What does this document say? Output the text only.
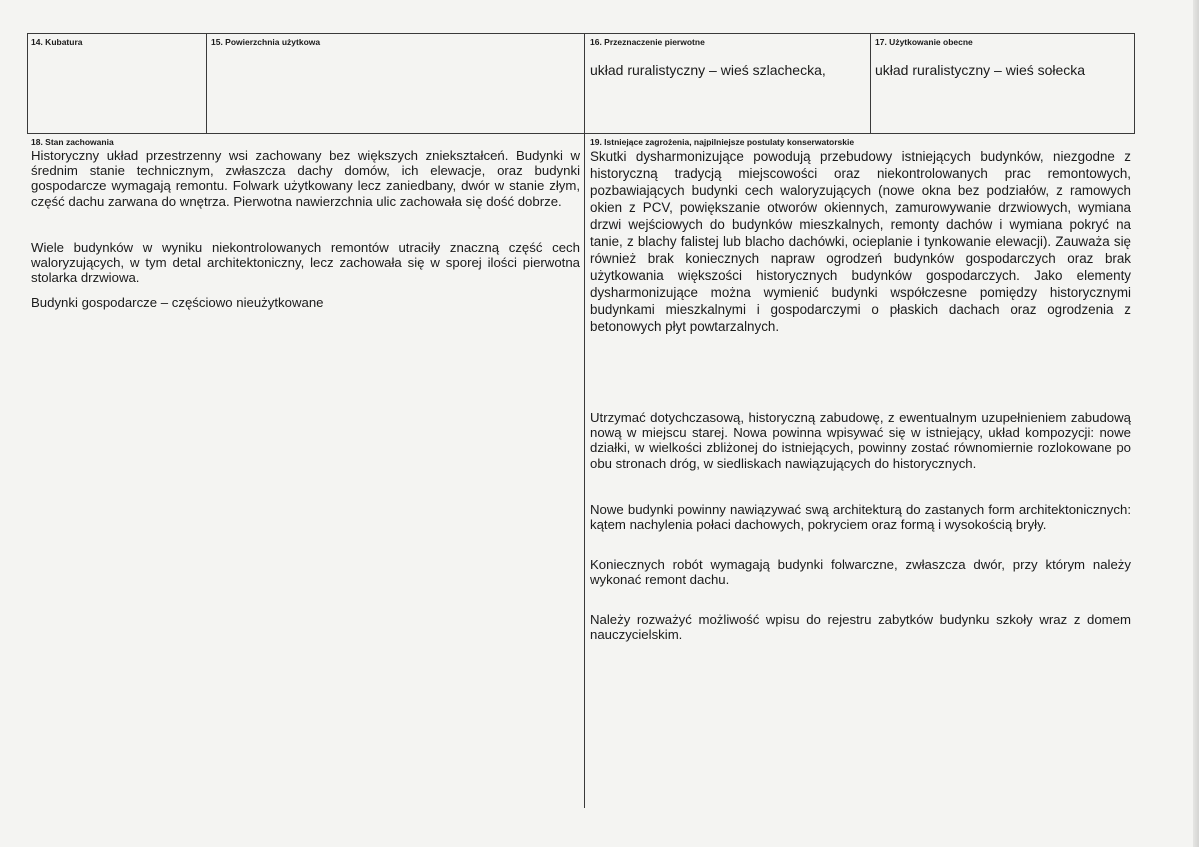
14. Kubatura	15. Powierzchnia użytkowa	16. Przeznaczenie pierwotne
układ ruralistyczny – wieś szlachecka,
17. Użytkowanie obecne
układ ruralistyczny – wieś sołecka
18. Stan zachowania

Historyczny układ przestrzenny wsi zachowany bez większych zniekształceń. Budynki w średnim stanie technicznym, zwłaszcza dachy domów, ich elewacje, oraz budynki gospodarcze wymagają remontu. Folwark użytkowany lecz zaniedbany, dwór w stanie złym, część dachu zarwana do wnętrza. Pierwotna nawierzchnia ulic zachowała się dość dobrze.

Wiele budynków w wyniku niekontrolowanych remontów utraciły znaczną część cech waloryzujących, w tym detal architektoniczny, lecz zachowała się w sporej ilości pierwotna stolarka drzwiowa.

Budynki gospodarcze – częściowo nieużytkowane

19. Istniejące zagrożenia, najpilniejsze postulaty konserwatorskie

Skutki dysharmonizujące powodują przebudowy istniejących budynków, niezgodne z historyczną tradycją miejscowości oraz niekontrolowanych prac remontowych, pozbawiających budynki cech waloryzujących (nowe okna bez podziałów, z ramowych okien z PCV, powiększanie otworów okiennych, zamurowywanie drzwiowych, wymiana drzwi wejściowych do budynków mieszkalnych, remonty dachów i wymiana pokryć na tanie, z blachy falistej lub blacho dachówki, ocieplanie i tynkowanie elewacji). Zauważa się również brak koniecznych napraw ogrodzeń budynków gospodarczych oraz brak użytkowania większości historycznych budynków gospodarczych. Jako elementy dysharmonizujące można wymienić budynki współczesne pomiędzy historycznymi budynkami mieszkalnymi i gospodarczymi o płaskich dachach oraz ogrodzenia z betonowych płyt powtarzalnych.

Utrzymać dotychczasową, historyczną zabudowę, z ewentualnym uzupełnieniem zabudową nową w miejscu starej. Nowa powinna wpisywać się w istniejący, układ kompozycji: nowe działki, w wielkości zbliżonej do istniejących, powinny zostać równomiernie rozlokowane po obu stronach dróg, w siedliskach nawiązujących do historycznych.

Nowe budynki powinny nawiązywać swą architekturą do zastanych form architektonicznych: kątem nachylenia połaci dachowych, pokryciem oraz formą i wysokością bryły.

Koniecznych robót wymagają budynki folwarczne, zwłaszcza dwór, przy którym należy wykonać remont dachu.

Należy rozważyć możliwość wpisu do rejestru zabytków budynku szkoły wraz z domem nauczycielskim.
